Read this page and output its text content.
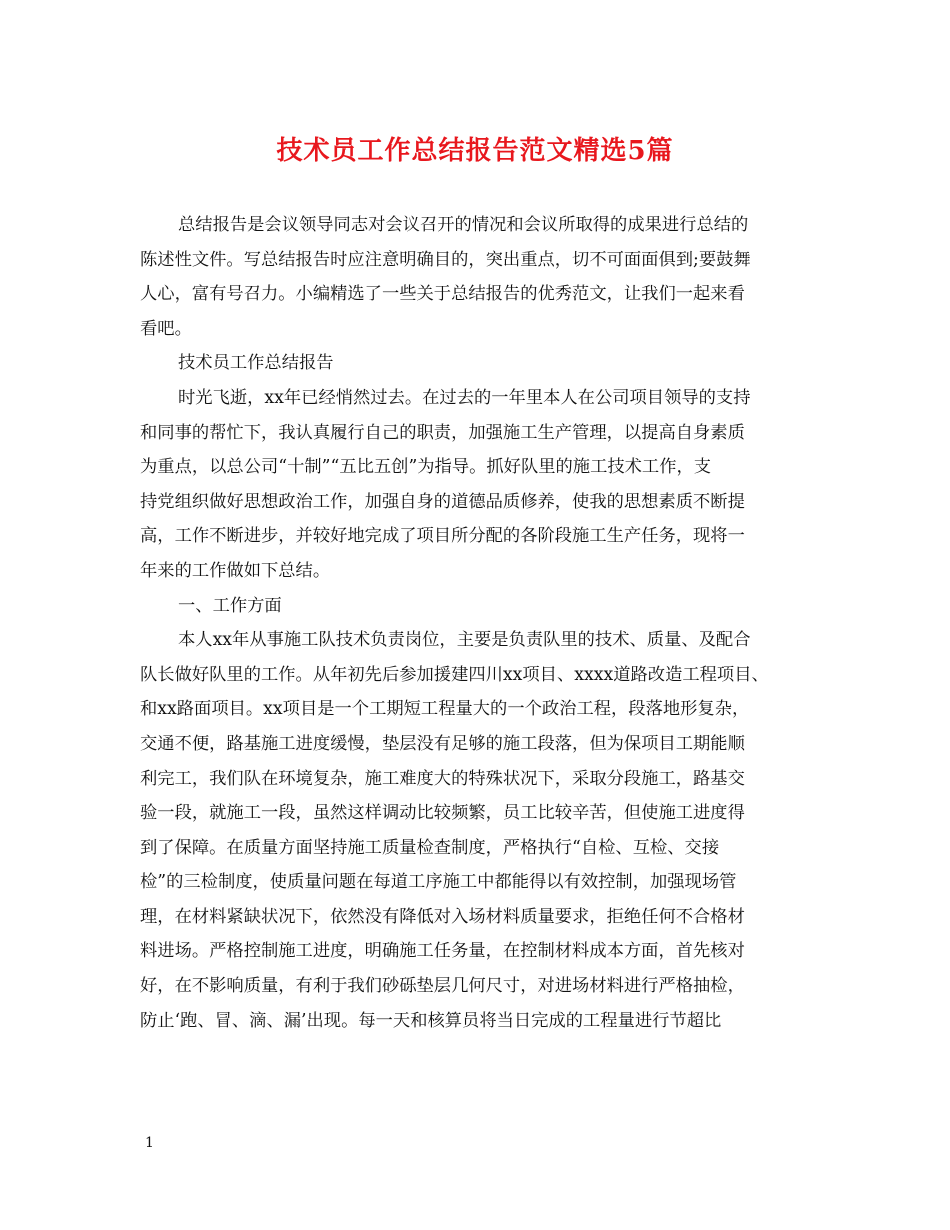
技术员工作总结报告范文精选5篇
总结报告是会议领导同志对会议召开的情况和会议所取得的成果进行总结的
陈述性文件。写总结报告时应注意明确目的，突出重点，切不可面面俱到;要鼓舞
人心，富有号召力。小编精选了一些关于总结报告的优秀范文，让我们一起来看
看吧。
技术员工作总结报告
时光飞逝，xx年已经悄然过去。在过去的一年里本人在公司项目领导的支持
和同事的帮忙下，我认真履行自己的职责，加强施工生产管理，以提高自身素质
为重点，以总公司“十制”“五比五创”为指导。抓好队里的施工技术工作，支
持党组织做好思想政治工作，加强自身的道德品质修养，使我的思想素质不断提
高，工作不断进步，并较好地完成了项目所分配的各阶段施工生产任务，现将一
年来的工作做如下总结。
一、工作方面
本人xx年从事施工队技术负责岗位，主要是负责队里的技术、质量、及配合
队长做好队里的工作。从年初先后参加援建四川xx项目、xxxx道路改造工程项目、
和xx路面项目。xx项目是一个工期短工程量大的一个政治工程，段落地形复杂，
交通不便，路基施工进度缓慢，垫层没有足够的施工段落，但为保项目工期能顺
利完工，我们队在环境复杂，施工难度大的特殊状况下，采取分段施工，路基交
验一段，就施工一段，虽然这样调动比较频繁，员工比较辛苦，但使施工进度得
到了保障。在质量方面坚持施工质量检查制度，严格执行“自检、互检、交接
检”的三检制度，使质量问题在每道工序施工中都能得以有效控制，加强现场管
理，在材料紧缺状况下，依然没有降低对入场材料质量要求，拒绝任何不合格材
料进场。严格控制施工进度，明确施工任务量，在控制材料成本方面，首先核对
好，在不影响质量，有利于我们砂砾垫层几何尺寸，对进场材料进行严格抽检，
防止‘跑、冒、滴、漏’出现。每一天和核算员将当日完成的工程量进行节超比
1
